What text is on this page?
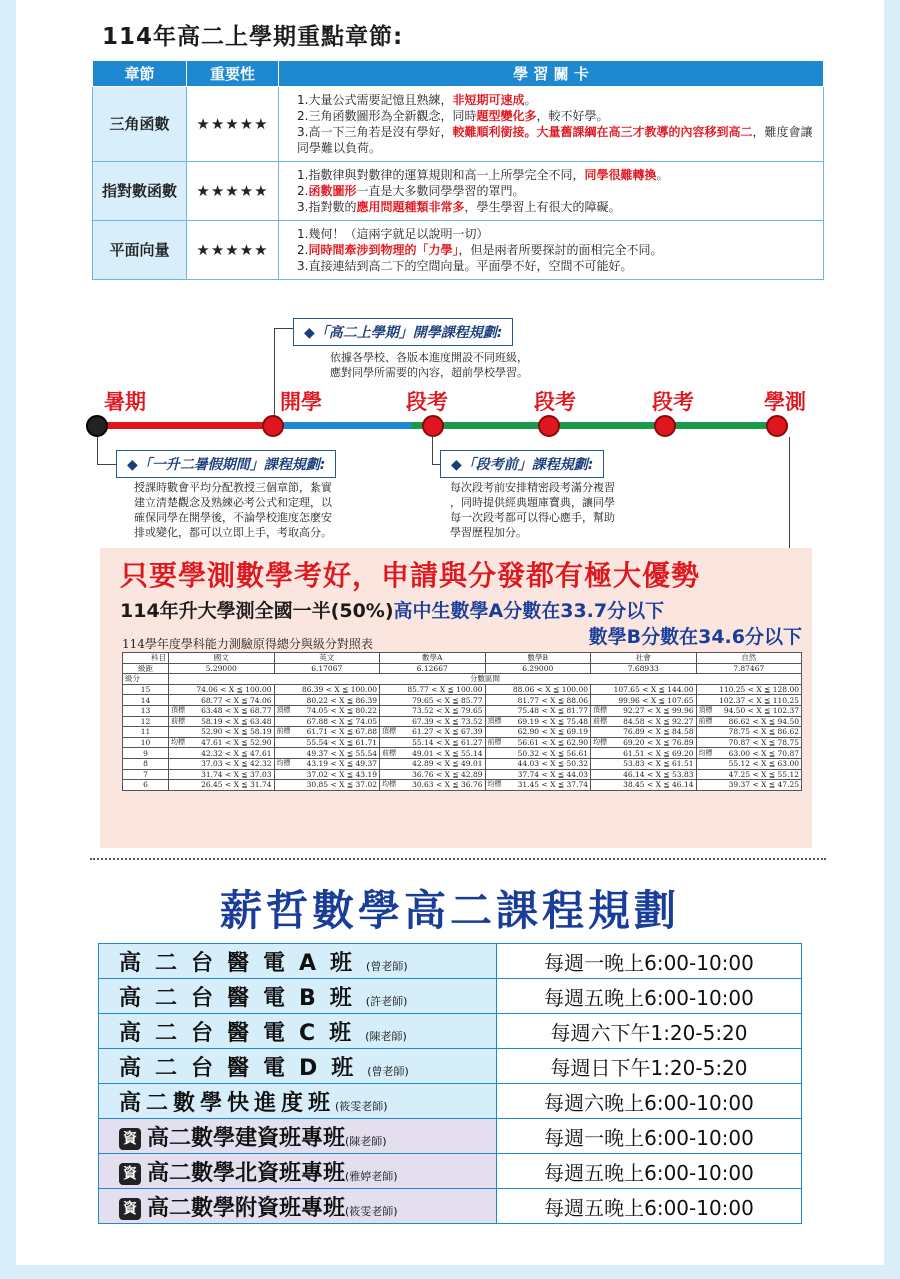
114年高二上學期重點章節:
章節	重要性	學 習 關 卡
三角函數	★★★★★	1.大量公式需要記憶且熟練，非短期可速成。
2.三角函數圖形為全新觀念，同時題型變化多，較不好學。
3.高一下三角若是沒有學好，較難順利銜接。大量舊課綱在高三才教導的內容移到高二，難度會讓同學難以負荷。

指對數函數	★★★★★	1.指數律與對數律的運算規則和高一上所學完全不同，同學很難轉換。
2.函數圖形一直是大多數同學學習的罩門。
3.指對數的應用問題種類非常多，學生學習上有很大的障礙。

平面向量	★★★★★	1.幾何！（這兩字就足以說明一切）
2.同時間牽涉到物理的「力學」，但是兩者所要探討的面相完全不同。
3.直接連結到高二下的空間向量。平面學不好，空間不可能好。
◆「高二上學期」開學課程規劃:
依據各學校、各版本進度開設不同班級，
應對同學所需要的內容，超前學校學習。
暑期	開學	段考	段考	段考	學測
◆「一升二暑假期間」課程規劃:
授課時數會平均分配教授三個章節，紮實
建立清楚觀念及熟練必考公式和定理，以
確保同學在開學後，不論學校進度怎麼安
排或變化，都可以立即上手，考取高分。
◆「段考前」課程規劃:
每次段考前安排精密段考滿分複習
，同時提供經典題庫寶典，讓同學
每一次段考都可以得心應手，幫助
學習歷程加分。
只要學測數學考好，申請與分發都有極大優勢
114年升大學測全國一半(50%)高中生數學A分數在33.7分以下
數學B分數在34.6分以下
114學年度學科能力測驗原得總分與級分對照表
科目	國文	英文	數學A	數學B	社會	自然
級距	5.29000	6.17067	6.12667	6.29000	7.68933	7.87467
級分	分數區間					
15	74.06 < X ≦ 100.00	86.39 < X ≦ 100.00	85.77 < X ≦ 100.00	88.06 < X ≦ 100.00	107.65 < X ≦ 144.00	110.25 < X ≦ 128.00
14	68.77 < X ≦ 74.06	80.22 < X ≦ 86.39	79.65 < X ≦ 85.77	81.77 < X ≦ 88.06	99.96 < X ≦ 107.65	102.37 < X ≦ 110.25
13	頂標 63.48 < X ≦ 68.77	頂標 74.05 < X ≦ 80.22	73.52 < X ≦ 79.65	75.48 < X ≦ 81.77	頂標 92.27 < X ≦ 99.96	頂標 94.50 < X ≦ 102.37
12	前標 58.19 < X ≦ 63.48	67.88 < X ≦ 74.05	67.39 < X ≦ 73.52	頂標 69.19 < X ≦ 75.48	前標 84.58 < X ≦ 92.27	前標 86.62 < X ≦ 94.50
11	52.90 < X ≦ 58.19	前標 61.71 < X ≦ 67.88	頂標 61.27 < X ≦ 67.39	62.90 < X ≦ 69.19	76.89 < X ≦ 84.58	78.75 < X ≦ 86.62
10	均標 47.61 < X ≦ 52.90	55.54 < X ≦ 61.71	55.14 < X ≦ 61.27	前標 56.61 < X ≦ 62.90	均標 69.20 < X ≦ 76.89	70.87 < X ≦ 78.75
9	42.32 < X ≦ 47.61	49.37 < X ≦ 55.54	前標 49.01 < X ≦ 55.14	50.32 < X ≦ 56.61	61.51 < X ≦ 69.20	均標 63.00 < X ≦ 70.87
8	37.03 < X ≦ 42.32	均標 43.19 < X ≦ 49.37	42.89 < X ≦ 49.01	44.03 < X ≦ 50.32	53.83 < X ≦ 61.51	55.12 < X ≦ 63.00
7	31.74 < X ≦ 37.03	37.02 < X ≦ 43.19	36.76 < X ≦ 42.89	37.74 < X ≦ 44.03	46.14 < X ≦ 53.83	47.25 < X ≦ 55.12
6	26.45 < X ≦ 31.74	30.85 < X ≦ 37.02	均標 30.63 < X ≦ 36.76	均標 31.45 < X ≦ 37.74	38.45 < X ≦ 46.14	39.37 < X ≦ 47.25
薪哲數學高二課程規劃
高二台醫電A班(曾老師)	每週一晚上6:00-10:00
高二台醫電B班(許老師)	每週五晚上6:00-10:00
高二台醫電C班(陳老師)	每週六下午1:20-5:20
高二台醫電D班(曾老師)	每週日下午1:20-5:20
高二數學快進度班(筱雯老師)	每週六晚上6:00-10:00
資 高二數學建資班專班(陳老師)	每週一晚上6:00-10:00
資 高二數學北資班專班(雅婷老師)	每週五晚上6:00-10:00
資 高二數學附資班專班(筱雯老師)	每週五晚上6:00-10:00
